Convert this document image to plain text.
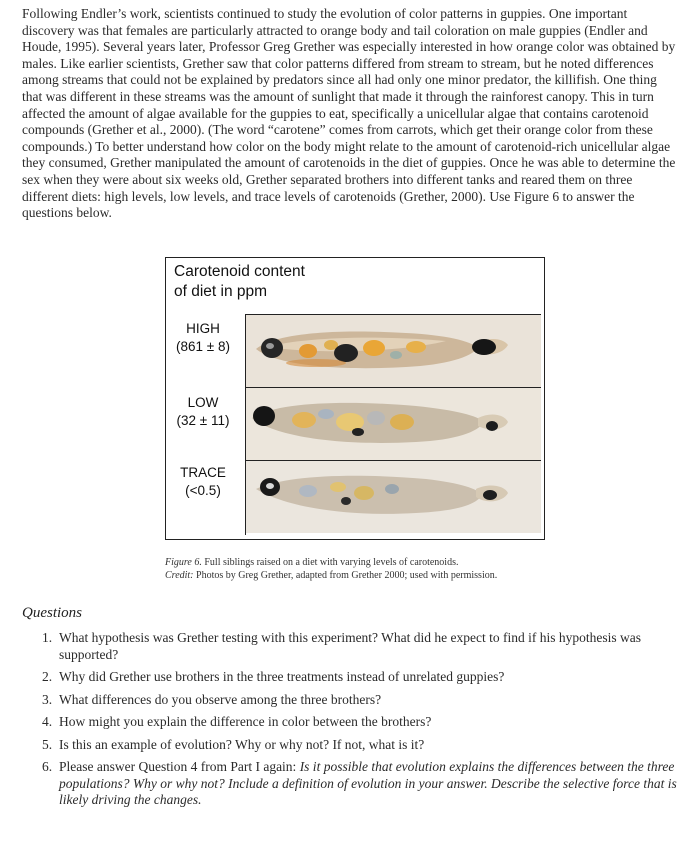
Following Endler’s work, scientists continued to study the evolution of color patterns in guppies. One important discovery was that females are particularly attracted to orange body and tail coloration on male guppies (Endler and Houde, 1995). Several years later, Professor Greg Grether was especially interested in how orange color was obtained by males. Like earlier scientists, Grether saw that color patterns differed from stream to stream, but he noted differences among streams that could not be explained by predators since all had only one minor predator, the killifish. One thing that was different in these streams was the amount of sunlight that made it through the rainforest canopy. This in turn affected the amount of algae available for the guppies to eat, specifically a unicellular algae that contains carotenoid compounds (Grether et al., 2000). (The word “carotene” comes from carrots, which get their orange color from these compounds.) To better understand how color on the body might relate to the amount of carotenoid-rich unicellular algae they consumed, Grether manipulated the amount of carotenoids in the diet of guppies. Once he was able to determine the sex when they were about six weeks old, Grether separated brothers into different tanks and reared them on three different diets: high levels, low levels, and trace levels of carotenoids (Grether, 2000). Use Figure 6 to answer the questions below.

Carotenoid content
of diet in ppm
HIGH
(861 ± 8)
LOW
(32 ± 11)
TRACE
(<0.5)
Figure 6. Full siblings raised on a diet with varying levels of carotenoids.
Credit: Photos by Greg Grether, adapted from Grether 2000; used with permission.
Questions
1. What hypothesis was Grether testing with this experiment? What did he expect to find if his hypothesis was supported?
2. Why did Grether use brothers in the three treatments instead of unrelated guppies?
3. What differences do you observe among the three brothers?
4. How might you explain the difference in color between the brothers?
5. Is this an example of evolution? Why or why not? If not, what is it?
6. Please answer Question 4 from Part I again: Is it possible that evolution explains the differences between the three populations? Why or why not? Include a definition of evolution in your answer. Describe the selective force that is likely driving the changes.
